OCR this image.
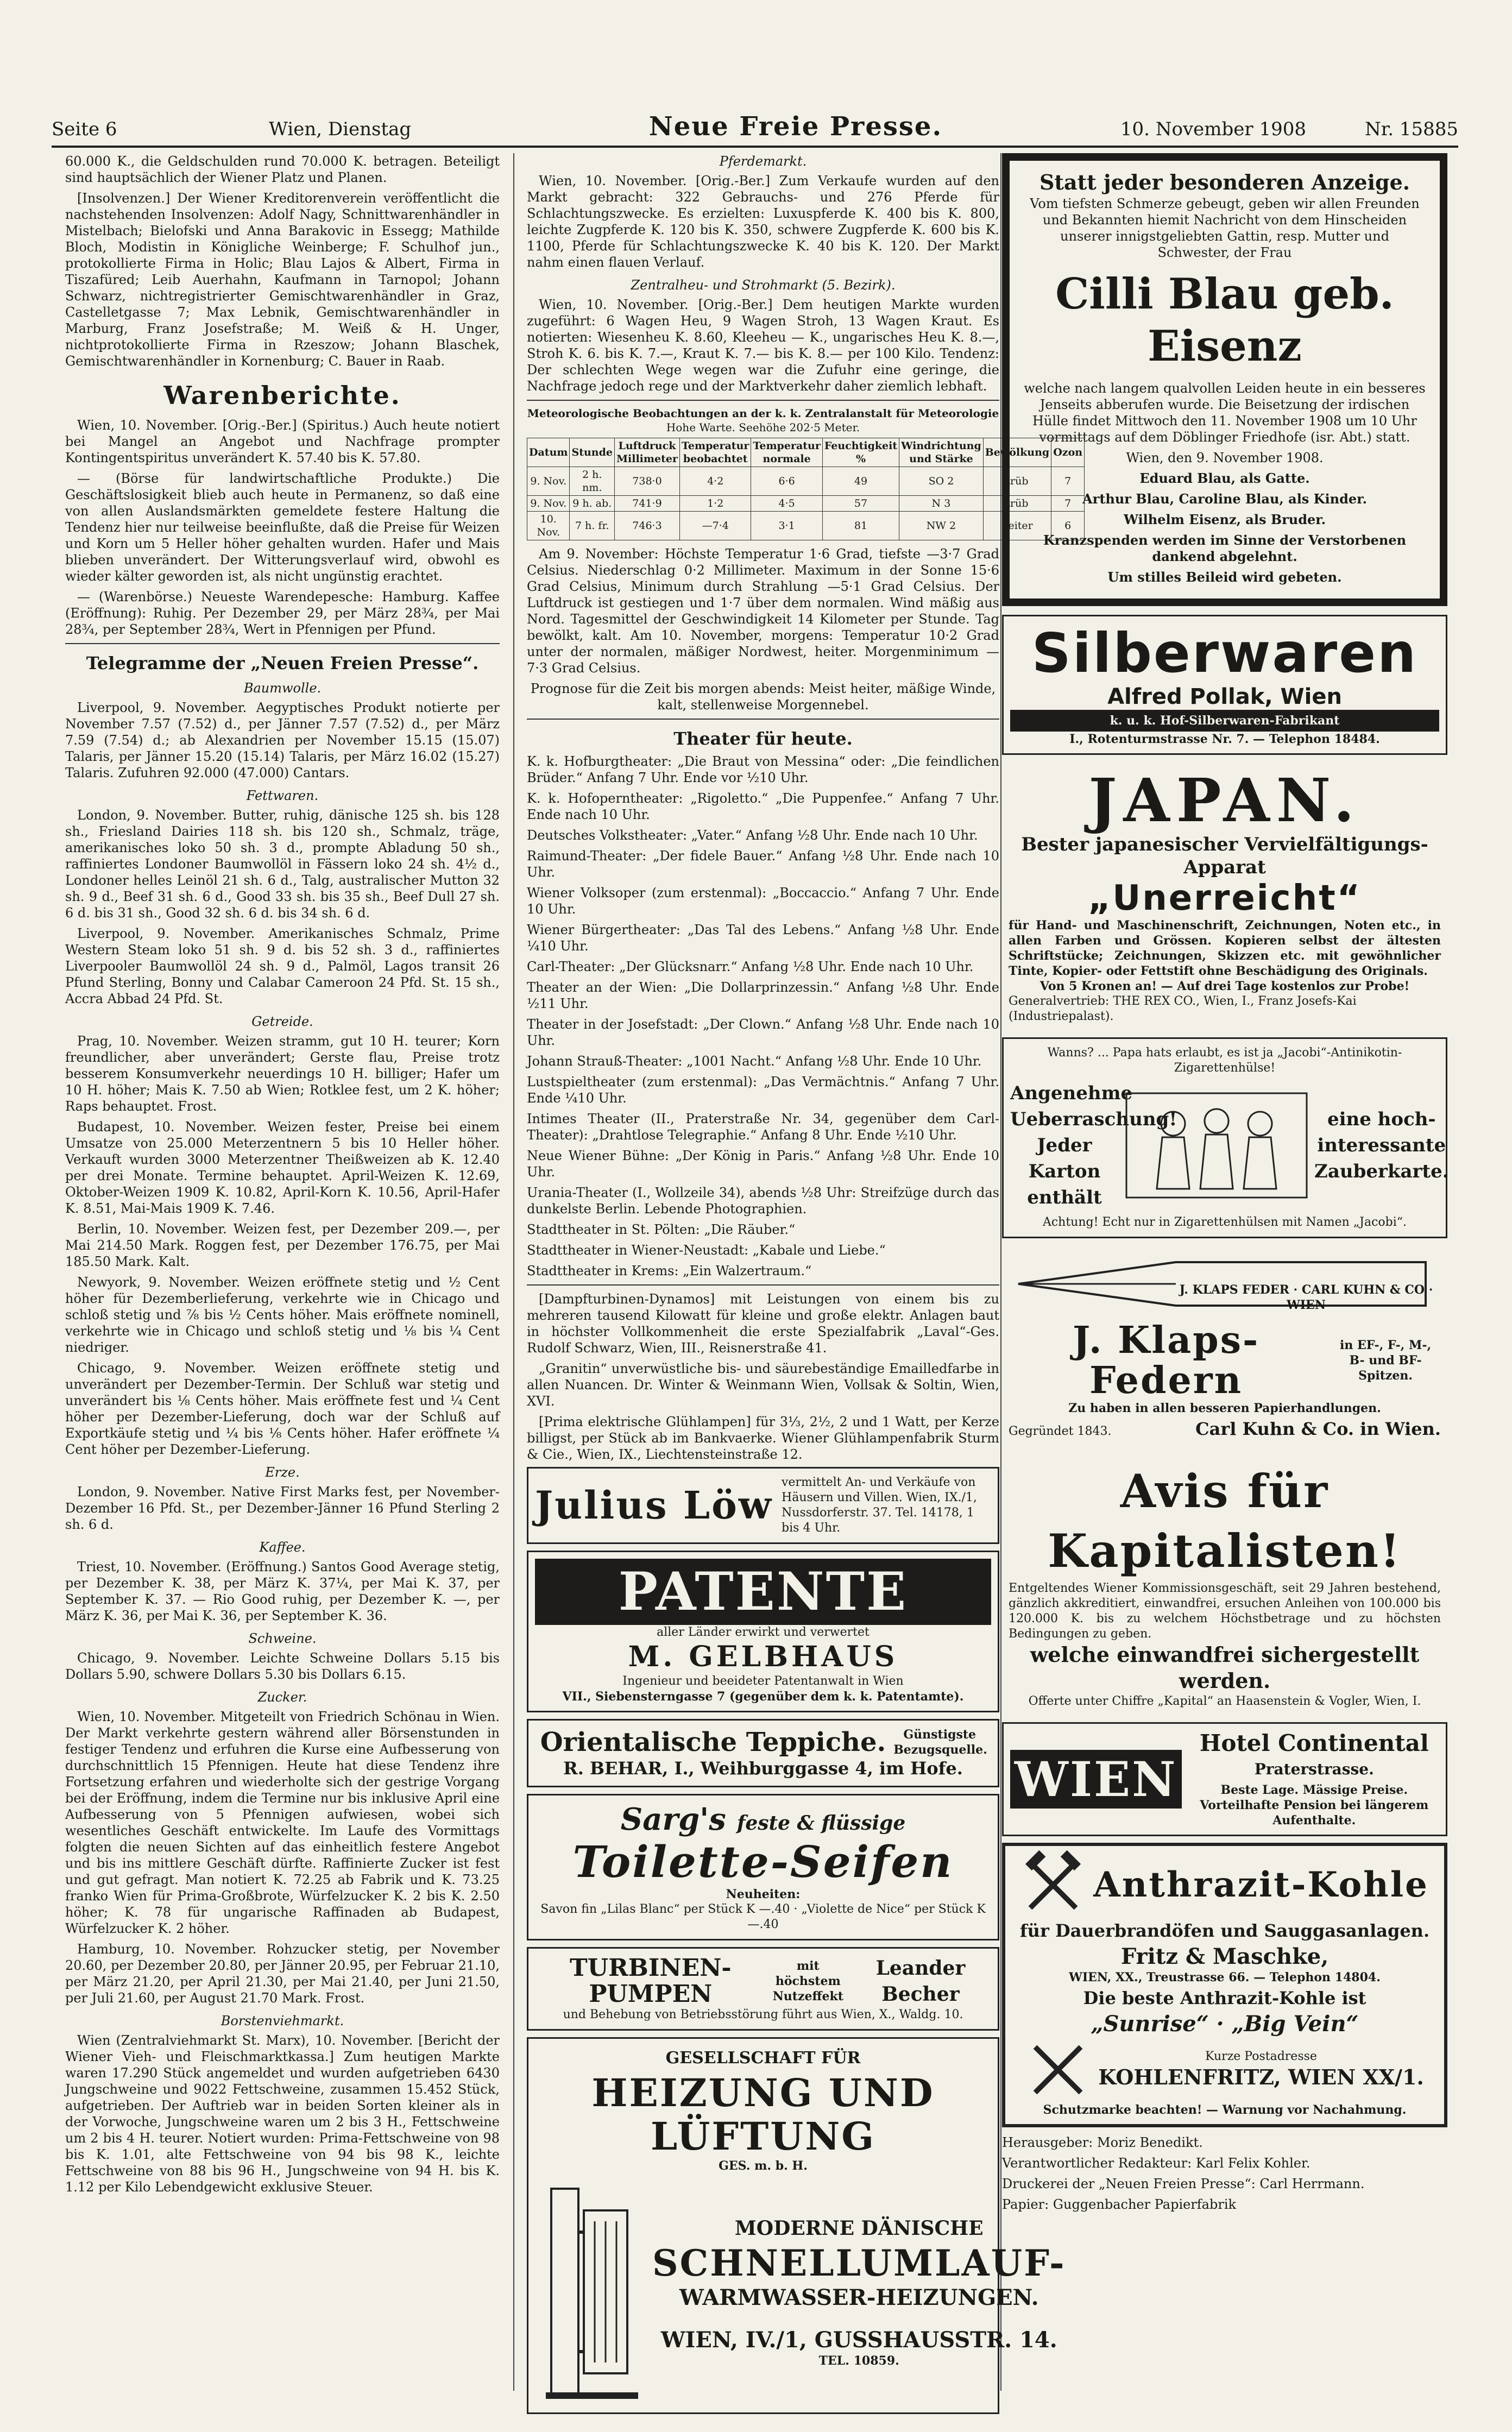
Seite 6	Wien, Dienstag	Neue Freie Presse.	10. November 1908	Nr. 15885

60.000 K., die Geldschulden rund 70.000 K. betragen. Beteiligt sind hauptsächlich der Wiener Platz und Planen.

[Insolvenzen.] Der Wiener Kreditorenverein veröffentlicht die nachstehenden Insolvenzen: Adolf Nagy, Schnittwarenhändler in Mistelbach; Bielofski und Anna Barakovic in Essegg; Mathilde Bloch, Modistin in Königliche Weinberge; F. Schulhof jun., protokollierte Firma in Holic; Blau Lajos & Albert, Firma in Tiszafüred; Leib Auerhahn, Kaufmann in Tarnopol; Johann Schwarz, nichtregistrierter Gemischtwarenhändler in Graz, Castelletgasse 7; Max Lebnik, Gemischtwarenhändler in Marburg, Franz Josefstraße; M. Weiß & H. Unger, nichtprotokollierte Firma in Rzeszow; Johann Blaschek, Gemischtwarenhändler in Kornenburg; C. Bauer in Raab.

Warenberichte.

Wien, 10. November. [Orig.-Ber.] (Spiritus.) Auch heute notiert bei Mangel an Angebot und Nachfrage prompter Kontingentspiritus unverändert K. 57.40 bis K. 57.80.

— (Börse für landwirtschaftliche Produkte.) Die Geschäftslosigkeit blieb auch heute in Permanenz, so daß eine von allen Auslandsmärkten gemeldete festere Haltung die Tendenz hier nur teilweise beeinflußte, daß die Preise für Weizen und Korn um 5 Heller höher gehalten wurden. Hafer und Mais blieben unverändert. Der Witterungsverlauf wird, obwohl es wieder kälter geworden ist, als nicht ungünstig erachtet.

— (Warenbörse.) Neueste Warendepesche: Hamburg. Kaffee (Eröffnung): Ruhig. Per Dezember 29, per März 28¾, per Mai 28¾, per September 28¾, Wert in Pfennigen per Pfund.

Telegramme der „Neuen Freien Presse“.
Baumwolle.

Liverpool, 9. November. Aegyptisches Produkt notierte per November 7.57 (7.52) d., per Jänner 7.57 (7.52) d., per März 7.59 (7.54) d.; ab Alexandrien per November 15.15 (15.07) Talaris, per Jänner 15.20 (15.14) Talaris, per März 16.02 (15.27) Talaris. Zufuhren 92.000 (47.000) Cantars.

Fettwaren.

London, 9. November. Butter, ruhig, dänische 125 sh. bis 128 sh., Friesland Dairies 118 sh. bis 120 sh., Schmalz, träge, amerikanisches loko 50 sh. 3 d., prompte Abladung 50 sh., raffiniertes Londoner Baumwollöl in Fässern loko 24 sh. 4½ d., Londoner helles Leinöl 21 sh. 6 d., Talg, australischer Mutton 32 sh. 9 d., Beef 31 sh. 6 d., Good 33 sh. bis 35 sh., Beef Dull 27 sh. 6 d. bis 31 sh., Good 32 sh. 6 d. bis 34 sh. 6 d.

Liverpool, 9. November. Amerikanisches Schmalz, Prime Western Steam loko 51 sh. 9 d. bis 52 sh. 3 d., raffiniertes Liverpooler Baumwollöl 24 sh. 9 d., Palmöl, Lagos transit 26 Pfund Sterling, Bonny und Calabar Cameroon 24 Pfd. St. 15 sh., Accra Abbad 24 Pfd. St.

Getreide.

Prag, 10. November. Weizen stramm, gut 10 H. teurer; Korn freundlicher, aber unverändert; Gerste flau, Preise trotz besserem Konsumverkehr neuerdings 10 H. billiger; Hafer um 10 H. höher; Mais K. 7.50 ab Wien; Rotklee fest, um 2 K. höher; Raps behauptet. Frost.

Budapest, 10. November. Weizen fester, Preise bei einem Umsatze von 25.000 Meterzentnern 5 bis 10 Heller höher. Verkauft wurden 3000 Meterzentner Theißweizen ab K. 12.40 per drei Monate. Termine behauptet. April-Weizen K. 12.69, Oktober-Weizen 1909 K. 10.82, April-Korn K. 10.56, April-Hafer K. 8.51, Mai-Mais 1909 K. 7.46.

Berlin, 10. November. Weizen fest, per Dezember 209.—, per Mai 214.50 Mark. Roggen fest, per Dezember 176.75, per Mai 185.50 Mark. Kalt.

Newyork, 9. November. Weizen eröffnete stetig und ½ Cent höher für Dezemberlieferung, verkehrte wie in Chicago und schloß stetig und ⅞ bis ½ Cents höher. Mais eröffnete nominell, verkehrte wie in Chicago und schloß stetig und ⅛ bis ¼ Cent niedriger.

Chicago, 9. November. Weizen eröffnete stetig und unverändert per Dezember-Termin. Der Schluß war stetig und unverändert bis ⅛ Cents höher. Mais eröffnete fest und ¼ Cent höher per Dezember-Lieferung, doch war der Schluß auf Exportkäufe stetig und ¼ bis ⅛ Cents höher. Hafer eröffnete ¼ Cent höher per Dezember-Lieferung.

Erze.

London, 9. November. Native First Marks fest, per November-Dezember 16 Pfd. St., per Dezember-Jänner 16 Pfund Sterling 2 sh. 6 d.

Kaffee.

Triest, 10. November. (Eröffnung.) Santos Good Average stetig, per Dezember K. 38, per März K. 37¼, per Mai K. 37, per September K. 37. — Rio Good ruhig, per Dezember K. —, per März K. 36, per Mai K. 36, per September K. 36.

Schweine.

Chicago, 9. November. Leichte Schweine Dollars 5.15 bis Dollars 5.90, schwere Dollars 5.30 bis Dollars 6.15.

Zucker.

Wien, 10. November. Mitgeteilt von Friedrich Schönau in Wien. Der Markt verkehrte gestern während aller Börsenstunden in festiger Tendenz und erfuhren die Kurse eine Aufbesserung von durchschnittlich 15 Pfennigen. Heute hat diese Tendenz ihre Fortsetzung erfahren und wiederholte sich der gestrige Vorgang bei der Eröffnung, indem die Termine nur bis inklusive April eine Aufbesserung von 5 Pfennigen aufwiesen, wobei sich wesentliches Geschäft entwickelte. Im Laufe des Vormittags folgten die neuen Sichten auf das einheitlich festere Angebot und bis ins mittlere Geschäft dürfte. Raffinierte Zucker ist fest und gut gefragt. Man notiert K. 72.25 ab Fabrik und K. 73.25 franko Wien für Prima-Großbrote, Würfelzucker K. 2 bis K. 2.50 höher; K. 78 für ungarische Raffinaden ab Budapest, Würfelzucker K. 2 höher.

Hamburg, 10. November. Rohzucker stetig, per November 20.60, per Dezember 20.80, per Jänner 20.95, per Februar 21.10, per März 21.20, per April 21.30, per Mai 21.40, per Juni 21.50, per Juli 21.60, per August 21.70 Mark. Frost.

Borstenviehmarkt.

Wien (Zentralviehmarkt St. Marx), 10. November. [Bericht der Wiener Vieh- und Fleischmarktkassa.] Zum heutigen Markte waren 17.290 Stück angemeldet und wurden aufgetrieben 6430 Jungschweine und 9022 Fettschweine, zusammen 15.452 Stück, aufgetrieben. Der Auftrieb war in beiden Sorten kleiner als in der Vorwoche, Jungschweine waren um 2 bis 3 H., Fettschweine um 2 bis 4 H. teurer. Notiert wurden: Prima-Fettschweine von 98 bis K. 1.01, alte Fettschweine von 94 bis 98 K., leichte Fettschweine von 88 bis 96 H., Jungschweine von 94 H. bis K. 1.12 per Kilo Lebendgewicht exklusive Steuer.

Pferdemarkt.

Wien, 10. November. [Orig.-Ber.] Zum Verkaufe wurden auf den Markt gebracht: 322 Gebrauchs- und 276 Pferde für Schlachtungszwecke. Es erzielten: Luxuspferde K. 400 bis K. 800, leichte Zugpferde K. 120 bis K. 350, schwere Zugpferde K. 600 bis K. 1100, Pferde für Schlachtungszwecke K. 40 bis K. 120. Der Markt nahm einen flauen Verlauf.

Zentralheu- und Strohmarkt (5. Bezirk).

Wien, 10. November. [Orig.-Ber.] Dem heutigen Markte wurden zugeführt: 6 Wagen Heu, 9 Wagen Stroh, 13 Wagen Kraut. Es notierten: Wiesenheu K. 8.60, Kleeheu — K., ungarisches Heu K. 8.—, Stroh K. 6. bis K. 7.—, Kraut K. 7.— bis K. 8.— per 100 Kilo. Tendenz: Der schlechten Wege wegen war die Zufuhr eine geringe, die Nachfrage jedoch rege und der Marktverkehr daher ziemlich lebhaft.

Meteorologische Beobachtungen an der k. k. Zentralanstalt für Meteorologie
Hohe Warte. Seehöhe 202·5 Meter.
Datum	Stunde	Luftdruck Millimeter	Temperatur beobachtet	Temperatur normale	Feuchtigkeit %	Windrichtung und Stärke	Bewölkung	Ozon
9. Nov.	2 h. nm.	738·0	4·2	6·6	49	SO 2	trüb	7
9. Nov.	9 h. ab.	741·9	1·2	4·5	57	N 3	trüb	7
10. Nov.	7 h. fr.	746·3	—7·4	3·1	81	NW 2	heiter	6

Am 9. November: Höchste Temperatur 1·6 Grad, tiefste —3·7 Grad Celsius. Niederschlag 0·2 Millimeter. Maximum in der Sonne 15·6 Grad Celsius, Minimum durch Strahlung —5·1 Grad Celsius. Der Luftdruck ist gestiegen und 1·7 über dem normalen. Wind mäßig aus Nord. Tagesmittel der Geschwindigkeit 14 Kilometer per Stunde. Tag bewölkt, kalt. Am 10. November, morgens: Temperatur 10·2 Grad unter der normalen, mäßiger Nordwest, heiter. Morgenminimum — 7·3 Grad Celsius.

Prognose für die Zeit bis morgen abends: Meist heiter, mäßige Winde, kalt, stellenweise Morgennebel.

Theater für heute.

K. k. Hofburgtheater: „Die Braut von Messina“ oder: „Die feindlichen Brüder.“ Anfang 7 Uhr. Ende vor ½10 Uhr.

K. k. Hofoperntheater: „Rigoletto.“ „Die Puppenfee.“ Anfang 7 Uhr. Ende nach 10 Uhr.

Deutsches Volkstheater: „Vater.“ Anfang ½8 Uhr. Ende nach 10 Uhr.

Raimund-Theater: „Der fidele Bauer.“ Anfang ½8 Uhr. Ende nach 10 Uhr.

Wiener Volksoper (zum erstenmal): „Boccaccio.“ Anfang 7 Uhr. Ende 10 Uhr.

Wiener Bürgertheater: „Das Tal des Lebens.“ Anfang ½8 Uhr. Ende ¼10 Uhr.

Carl-Theater: „Der Glücksnarr.“ Anfang ½8 Uhr. Ende nach 10 Uhr.

Theater an der Wien: „Die Dollarprinzessin.“ Anfang ½8 Uhr. Ende ½11 Uhr.

Theater in der Josefstadt: „Der Clown.“ Anfang ½8 Uhr. Ende nach 10 Uhr.

Johann Strauß-Theater: „1001 Nacht.“ Anfang ½8 Uhr. Ende 10 Uhr.

Lustspieltheater (zum erstenmal): „Das Vermächtnis.“ Anfang 7 Uhr. Ende ¼10 Uhr.

Intimes Theater (II., Praterstraße Nr. 34, gegenüber dem Carl-Theater): „Drahtlose Telegraphie.“ Anfang 8 Uhr. Ende ½10 Uhr.

Neue Wiener Bühne: „Der König in Paris.“ Anfang ½8 Uhr. Ende 10 Uhr.

Urania-Theater (I., Wollzeile 34), abends ½8 Uhr: Streifzüge durch das dunkelste Berlin. Lebende Photographien.

Stadttheater in St. Pölten: „Die Räuber.“

Stadttheater in Wiener-Neustadt: „Kabale und Liebe.“

Stadttheater in Krems: „Ein Walzertraum.“

[Dampfturbinen-Dynamos] mit Leistungen von einem bis zu mehreren tausend Kilowatt für kleine und große elektr. Anlagen baut in höchster Vollkommenheit die erste Spezialfabrik „Laval“-Ges. Rudolf Schwarz, Wien, III., Reisnerstraße 41.

„Granitin“ unverwüstliche bis- und säurebeständige Emailledfarbe in allen Nuancen. Dr. Winter & Weinmann Wien, Vollsak & Soltin, Wien, XVI.

[Prima elektrische Glühlampen] für 3⅓, 2½, 2 und 1 Watt, per Kerze billigst, per Stück ab im Bankvaerke. Wiener Glühlampenfabrik Sturm & Cie., Wien, IX., Liechtensteinstraße 12.

Julius Löw
vermittelt An- und Verkäufe von Häusern und Villen. Wien, IX./1, Nussdorferstr. 37. Tel. 14178, 1 bis 4 Uhr.
PATENTE
aller Länder erwirkt und verwertet
M. GELBHAUS
Ingenieur und beeideter Patentanwalt in Wien
VII., Siebensterngasse 7 (gegenüber dem k. k. Patentamte).
Orientalische Teppiche.	Günstigste Bezugsquelle.
R. BEHAR, I., Weihburggasse 4, im Hofe.
Sarg's feste & flüssige
Toilette-Seifen
Neuheiten:
Savon fin „Lilas Blanc“ per Stück K —.40 · „Violette de Nice“ per Stück K —.40
TURBINEN-PUMPEN
mit höchstem Nutzeffekt
Leander Becher
und Behebung von Betriebsstörung führt aus Wien, X., Waldg. 10.
GESELLSCHAFT FÜR
HEIZUNG UND LÜFTUNG
GES. m. b. H.
MODERNE DÄNISCHE
SCHNELLUMLAUF-
WARMWASSER-HEIZUNGEN.
WIEN, IV./1, GUSSHAUSSTR. 14.
TEL. 10859.
Statt jeder besonderen Anzeige.

Vom tiefsten Schmerze gebeugt, geben wir allen Freunden und Bekannten hiemit Nachricht von dem Hinscheiden unserer innigstgeliebten Gattin, resp. Mutter und Schwester, der Frau

Cilli Blau geb. Eisenz

welche nach langem qualvollen Leiden heute in ein besseres Jenseits abberufen wurde. Die Beisetzung der irdischen Hülle findet Mittwoch den 11. November 1908 um 10 Uhr vormittags auf dem Döblinger Friedhofe (isr. Abt.) statt.

Wien, den 9. November 1908.

Eduard Blau, als Gatte.

Arthur Blau, Caroline Blau, als Kinder.

Wilhelm Eisenz, als Bruder.

Kranzspenden werden im Sinne der Verstorbenen dankend abgelehnt.

Um stilles Beileid wird gebeten.

Silberwaren
Alfred Pollak, Wien
k. u. k. Hof-Silberwaren-Fabrikant
I., Rotenturmstrasse Nr. 7. — Telephon 18484.
JAPAN.
Bester japanesischer Vervielfältigungs-Apparat
„Unerreicht“
für Hand- und Maschinenschrift, Zeichnungen, Noten etc., in allen Farben und Grössen. Kopieren selbst der ältesten Schriftstücke; Zeichnungen, Skizzen etc. mit gewöhnlicher Tinte, Kopier- oder Fettstift ohne Beschädigung des Originals.
Von 5 Kronen an! — Auf drei Tage kostenlos zur Probe!
Generalvertrieb: THE REX CO., Wien, I., Franz Josefs-Kai (Industriepalast).
Wanns? ... Papa hats erlaubt, es ist ja „Jacobi“-Antinikotin-Zigarettenhülse!
Angenehme Ueberraschung! Jeder Karton enthält
eine hoch-interessante Zauberkarte.
Achtung! Echt nur in Zigarettenhülsen mit Namen „Jacobi“.
J. KLAPS FEDER · CARL KUHN & CO · WIEN
J. Klaps-Federn
in EF-, F-, M-, B- und BF-Spitzen.
Zu haben in allen besseren Papierhandlungen.
Gegründet 1843.	Carl Kuhn & Co. in Wien.
Avis für Kapitalisten!
Entgeltendes Wiener Kommissionsgeschäft, seit 29 Jahren bestehend, gänzlich akkreditiert, einwandfrei, ersuchen Anleihen von 100.000 bis 120.000 K. bis zu welchem Höchstbetrage und zu höchsten Bedingungen zu geben.
welche einwandfrei sichergestellt werden.
Offerte unter Chiffre „Kapital“ an Haasenstein & Vogler, Wien, I.
WIEN
Hotel Continental
Praterstrasse.
Beste Lage. Mässige Preise. Vorteilhafte Pension bei längerem Aufenthalte.
Anthrazit-Kohle
für Dauerbrandöfen und Sauggasanlagen.
Fritz & Maschke,
WIEN, XX., Treustrasse 66. — Telephon 14804.
Die beste Anthrazit-Kohle ist
„Sunrise“ · „Big Vein“
Kurze Postadresse
KOHLENFRITZ, WIEN XX/1.
Schutzmarke beachten! — Warnung vor Nachahmung.

Herausgeber: Moriz Benedikt.

Verantwortlicher Redakteur: Karl Felix Kohler.

Druckerei der „Neuen Freien Presse“: Carl Herrmann.

Papier: Guggenbacher Papierfabrik
